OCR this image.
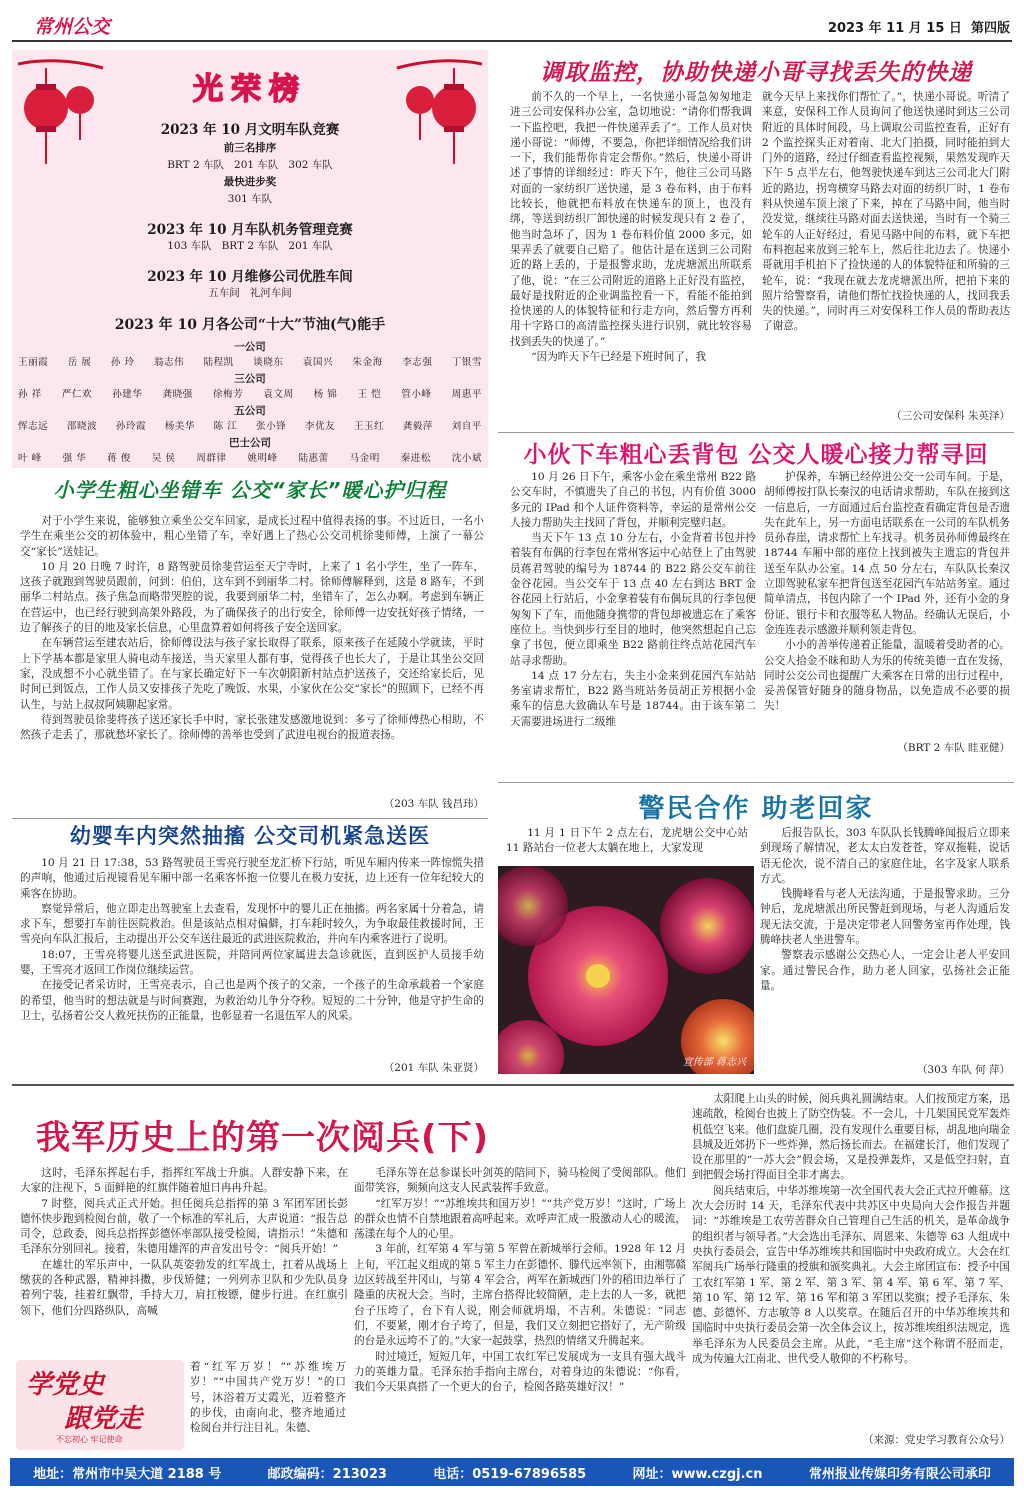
常州公交	2023 年 11 月 15 日 第四版
光荣榜
2023 年 10 月文明车队竞赛
前三名排序
BRT 2 车队   201 车队   302 车队
最快进步奖
301 车队
2023 年 10 月车队机务管理竞赛
103 车队   BRT 2 车队   201 车队
2023 年 10 月维修公司优胜车间
五车间   礼河车间
2023 年 10 月各公司“十大”节油(气)能手
一公司
王丽霞 岳 展 孙 玲 翁志伟 陆程凯 谈晓东 袁国兴 朱金海 李志强 丁银雪
三公司
孙 祥 严仁欢 孙建华 龚晓强 徐梅芳 袁文周 杨 锦 王 恺 管小峰 周惠平
五公司
恽志远 邵晓波 孙玲霞 杨美华 陈 江 张小锋 李优友 王玉红 龚毅萍 刘自平
巴士公司
叶 峰 强 华 蒋 俊 吴 侯 周群律 姚明峰 陆惠蕾 马金明 秦进松 沈小斌
调取监控，协助快递小哥寻找丢失的快递

前不久的一个早上，一名快递小哥急匆匆地走进三公司安保科办公室，急切地说：“请你们帮我调一下监控吧，我把一件快递弄丢了”。工作人员对快递小哥说：“师傅，不要急，你把详细情况给我们讲一下，我们能帮你肯定会帮你。”然后，快递小哥讲述了事情的详细经过：昨天下午，他往三公司马路对面的一家纺织厂送快递，是 3 卷布料，由于布料比较长，他就把布料放在快递车的顶上，也没有绑，等送到纺织厂卸快递的时候发现只有 2 卷了，他当时急坏了，因为 1 卷布料价值 2000 多元，如果弄丢了就要自己赔了。他估计是在送到三公司附近的路上丢的，于是报警求助，龙虎塘派出所联系了他，说：“在三公司附近的道路上正好没有监控，最好是找附近的企业调监控看一下，看能不能拍到捡快递的人的体貌特征和行走方向，然后警方再利用十字路口的高清监控探头进行识别，就比较容易找到丢失的快递了。”

“因为昨天下午已经是下班时间了，我

就今天早上来找你们帮忙了。”，快递小哥说。听清了来意，安保科工作人员询问了他送快递时到达三公司附近的具体时间段，马上调取公司监控查看，正好有 2 个监控探头正对着南、北大门拍摄，同时能拍到大门外的道路，经过仔细查看监控视频，果然发现昨天下午 5 点半左右，他驾驶快递车到达三公司北大门附近的路边，拐弯横穿马路去对面的纺织厂时，1 卷布料从快递车顶上滚了下来，掉在了马路中间，他当时没发觉，继续往马路对面去送快递，当时有一个骑三轮车的人正好经过，看见马路中间的布料，就下车把布料抱起来放到三轮车上，然后往北边去了。快递小哥就用手机拍下了捡快递的人的体貌特征和所骑的三轮车，说：“我现在就去龙虎塘派出所，把拍下来的照片给警察看，请他们帮忙找捡快递的人，找回我丢失的快递。”，同时再三对安保科工作人员的帮助表达了谢意。

（三公司安保科 朱英泽）
小学生粗心坐错车 公交“家长”暖心护归程

对于小学生来说，能够独立乘坐公交车回家，是成长过程中值得表扬的事。不过近日，一名小学生在乘坐公交的初体验中，粗心坐错了车，幸好遇上了热心公交司机徐斐师傅，上演了一幕公交“家长”送娃记。

10 月 20 日晚 7 时许，8 路驾驶员徐斐营运至天宁寺时，上来了 1 名小学生，坐了一阵车，这孩子就跑到驾驶员跟前，问到：伯伯，这车到不到丽华二村。徐师傅解释到，这是 8 路车，不到丽华二村站点。孩子焦急而略带哭腔的说，我要到丽华二村，坐错车了，怎么办啊。考虑到车辆正在营运中，也已经行驶到高架外路段，为了确保孩子的出行安全，徐师傅一边安抚好孩子情绪，一边了解孩子的目的地及家长信息，心里盘算着如何将孩子安全送回家。

在车辆营运至建农站后，徐师傅设法与孩子家长取得了联系，原来孩子在延陵小学就读，平时上下学基本都是家里人骑电动车接送，当天家里人都有事，觉得孩子也长大了，于是让其坐公交回家，没成想不小心就坐错了。在与家长确定好下一车次朝阳新村站点护送孩子，交还给家长后，见时间已到饭点，工作人员又安排孩子先吃了晚饭、水果，小家伙在公交“家长”的照顾下，已经不再认生，与站上叔叔阿姨聊起家常。

待到驾驶员徐斐将孩子送还家长手中时，家长张建发感激地说到：多亏了徐师傅热心相助，不然孩子走丢了，那就愁坏家长了。徐师傅的善举也受到了武进电视台的报道表扬。

（203 车队 钱昌玮）
小伙下车粗心丢背包 公交人暖心接力帮寻回

10 月 26 日下午，乘客小金在乘坐常州 B22 路公交车时，不慎遗失了自己的书包，内有价值 3000 多元的 IPad 和个人证件资料等，幸运的是常州公交人接力帮助失主找回了背包，并顺利完璧归赵。

当天下午 13 点 10 分左右，小金背着书包并拎着装有布偶的行李包在常州客运中心站登上了由驾驶员蒋君驾驶的编号为 18744 的 B22 路公交车前往金谷花园。当公交车于 13 点 40 左右到达 BRT 金谷花园上行站后，小金拿着装有布偶玩具的行李包便匆匆下了车，而他随身携带的背包却被遗忘在了乘客座位上。当快到步行至目的地时，他突然想起自己忘拿了书包，便立即乘坐 B22 路前往终点站花园汽车站寻求帮助。

14 点 17 分左右，失主小金来到花园汽车站站务室请求帮忙，B22 路当班站务员胡正芳根据小金乘车的信息大致确认车号是 18744。由于该车第二天需要进场进行二级维

护保养，车辆已经停进公交一公司车间。于是，胡师傅按打队长秦汉的电话请求帮助，车队在接到这一信息后，一方面通过后台监控查看确定背包是否遗失在此车上，另一方面电话联系在一公司的车队机务员孙春崖，请求帮忙上车找寻。机务员孙师傅最终在 18744 车厢中部的座位上找到被失主遗忘的背包并送至车队办公室。14 点 50 分左右，车队队长秦汉立即驾驶私家车把背包送至花园汽车站站务室。通过简单清点，书包内除了一个 IPad 外，还有小金的身份证、银行卡和衣服等私人物品。经确认无误后，小金连连表示感激并顺利领走背包。

小小的善举传递着正能量，温暖着受助者的心。公交人拾金不昧和助人为乐的传统美德一直在发扬，同时公交公司也提醒广大乘客在日常的出行过程中，妥善保管好随身的随身物品，以免造成不必要的损失！

（BRT 2 车队 眭亚健）
幼婴车内突然抽搐 公交司机紧急送医

10 月 21 日 17:38，53 路驾驶员王雪亮行驶至龙汇桥下行站，听见车厢内传来一阵惊慌失措的声响，他通过后视镜看见车厢中部一名乘客怀抱一位婴儿在极力安抚，边上还有一位年纪较大的乘客在协助。

察觉异常后，他立即走出驾驶室上去查看，发现怀中的婴儿正在抽搐。两名家属十分着急，请求下车，想要打车前往医院救治。但是该站点相对偏僻，打车耗时较久，为争取最佳救援时间，王雪亮向车队汇报后，主动提出开公交车送往最近的武进医院救治，并向车内乘客进行了说明。

18:07，王雪亮将婴儿送至武进医院，并陪同两位家属进去急诊就医，直到医护人员接手幼婴，王雪亮才返回工作岗位继续运营。

在接受记者采访时，王雪亮表示，自己也是两个孩子的父亲，一个孩子的生命承载着一个家庭的希望，他当时的想法就是与时间赛跑，为救治幼儿争分夺秒。短短的二十分钟，他是守护生命的卫士，弘扬着公交人救死扶伤的正能量，也彰显着一名退伍军人的风采。

（201 车队 朱亚贤）
警民合作 助老回家

11 月 1 日下午 2 点左右，龙虎塘公交中心站 11 路站台一位老大太躺在地上，大家发现

宣传部 蒋志兴

后报告队长，303 车队队长钱腾峰闻报后立即来到现场了解情况，老太太白发苍苍，穿双拖鞋，说话语无伦次，说不清自己的家庭住址，名字及家人联系方式。

钱腾峰看与老人无法沟通，于是报警求助。三分钟后，龙虎塘派出所民警赶到现场，与老人沟通后发现无法交流，于是决定带老人回警务室再作处理，钱腾峰扶老人坐进警车。

警察表示感谢公交热心人，一定会让老人平安回家。通过警民合作，助力老人回家，弘扬社会正能量。

（303 车队 何 萍）
我军历史上的第一次阅兵(下)

这时，毛泽东挥起右手，指挥红军战士升旗。人群安静下来，在大家的注视下，5 面鲜艳的红旗伴随着旭日冉冉升起。

7 时整，阅兵式正式开始。担任阅兵总指挥的第 3 军团军团长彭德怀快步跑到检阅台前，敬了一个标准的军礼后，大声说道：“报告总司令，总政委，阅兵总指挥彭德怀率部队接受检阅，请指示！”朱德和毛泽东分别回礼。接着，朱德用雄浑的声音发出号令：“阅兵开始！”

在雄壮的军乐声中，一队队英姿勃发的红军战士，扛着从战场上缴获的各种武器，精神抖擞，步伐矫健；一列列赤卫队和少先队员身着列宁装，挂着红飘带，手持大刀，肩扛梭镖，健步行进。在红旗引领下，他们分四路纵队，高喊

学党史
跟党走
不忘初心 牢记使命

着“红军万岁！”“苏维埃万岁！”“中国共产党万岁！”的口号，沐浴着万丈霞光，迈着整齐的步伐，由南向北，整齐地通过检阅台并行注目礼。朱德、

毛泽东等在总参谋长叶剑英的陪同下，骑马检阅了受阅部队。他们面带笑容，频频向这支人民武装挥手致意。

“红军万岁！”“苏维埃共和国万岁！”“共产党万岁！”这时，广场上的群众也情不自禁地跟着高呼起来。欢呼声汇成一股激动人心的暖流，荡漾在每个人的心里。

3 年前，红军第 4 军与第 5 军曾在新城举行会师。1928 年 12 月上旬，平江起义组成的第 5 军主力在彭德怀、滕代远率领下，由湘鄂赣边区转战至井冈山，与第 4 军会合，两军在新城西门外的稻田边举行了隆重的庆祝大会。当时，主席台搭得比较简陋，走上去的人一多，就把台子压垮了，台下有人说，刚会师就坍塌，不吉利。朱德说：“同志们，不要紧，刚才台子垮了，但是，我们又立刻把它搭好了，无产阶级的台是永远垮不了的。”大家一起鼓掌，热烈的情绪又升腾起来。

时过境迁，短短几年，中国工农红军已发展成为一支具有强大战斗力的英雄力量。毛泽东抬手指向主席台，对着身边的朱德说：“你看，我们今天果真搭了一个更大的台子，检阅各路英雄好汉！”

太阳爬上山头的时候，阅兵典礼圆满结束。人们按预定方案，迅速疏散，检阅台也披上了防空伪装。不一会儿，十几架国民党军轰炸机低空飞来。他们盘旋几圈，没有发现什么重要目标，胡乱地向瑞金县城及近郊扔下一些炸弹，然后扬长而去。在福建长汀，他们发现了设在那里的“一苏大会”假会场，又是投弹轰炸，又是低空扫射，直到把假会场打得面目全非才离去。

阅兵结束后，中华苏维埃第一次全国代表大会正式拉开帷幕。这次大会历时 14 天，毛泽东代表中共苏区中央局向大会作报告并题词：“苏维埃是工农劳苦群众自己管理自己生活的机关，是革命战争的组织者与领导者。”大会选出毛泽东、周恩来、朱德等 63 人组成中央执行委员会，宣告中华苏维埃共和国临时中央政府成立。大会在红军阅兵广场举行隆重的授旗和颁奖典礼。大会主席团宣布：授予中国工农红军第 1 军、第 2 军、第 3 军、第 4 军、第 6 军、第 7 军、第 10 军、第 12 军、第 16 军和第 3 军团以奖旗；授予毛泽东、朱德、彭德怀、方志敏等 8 人以奖章。在随后召开的中华苏维埃共和国临时中央执行委员会第一次全体会议上，按苏维埃组织法规定，选举毛泽东为人民委员会主席。从此，“毛主席”这个称谓不胫而走，成为传遍大江南北、世代受人敬仰的不朽称号。

（来源：党史学习教育公众号）
地址：常州市中吴大道 2188 号	邮政编码：213023	电话：0519-67896585	网址：www.czgj.cn	常州报业传媒印务有限公司承印
